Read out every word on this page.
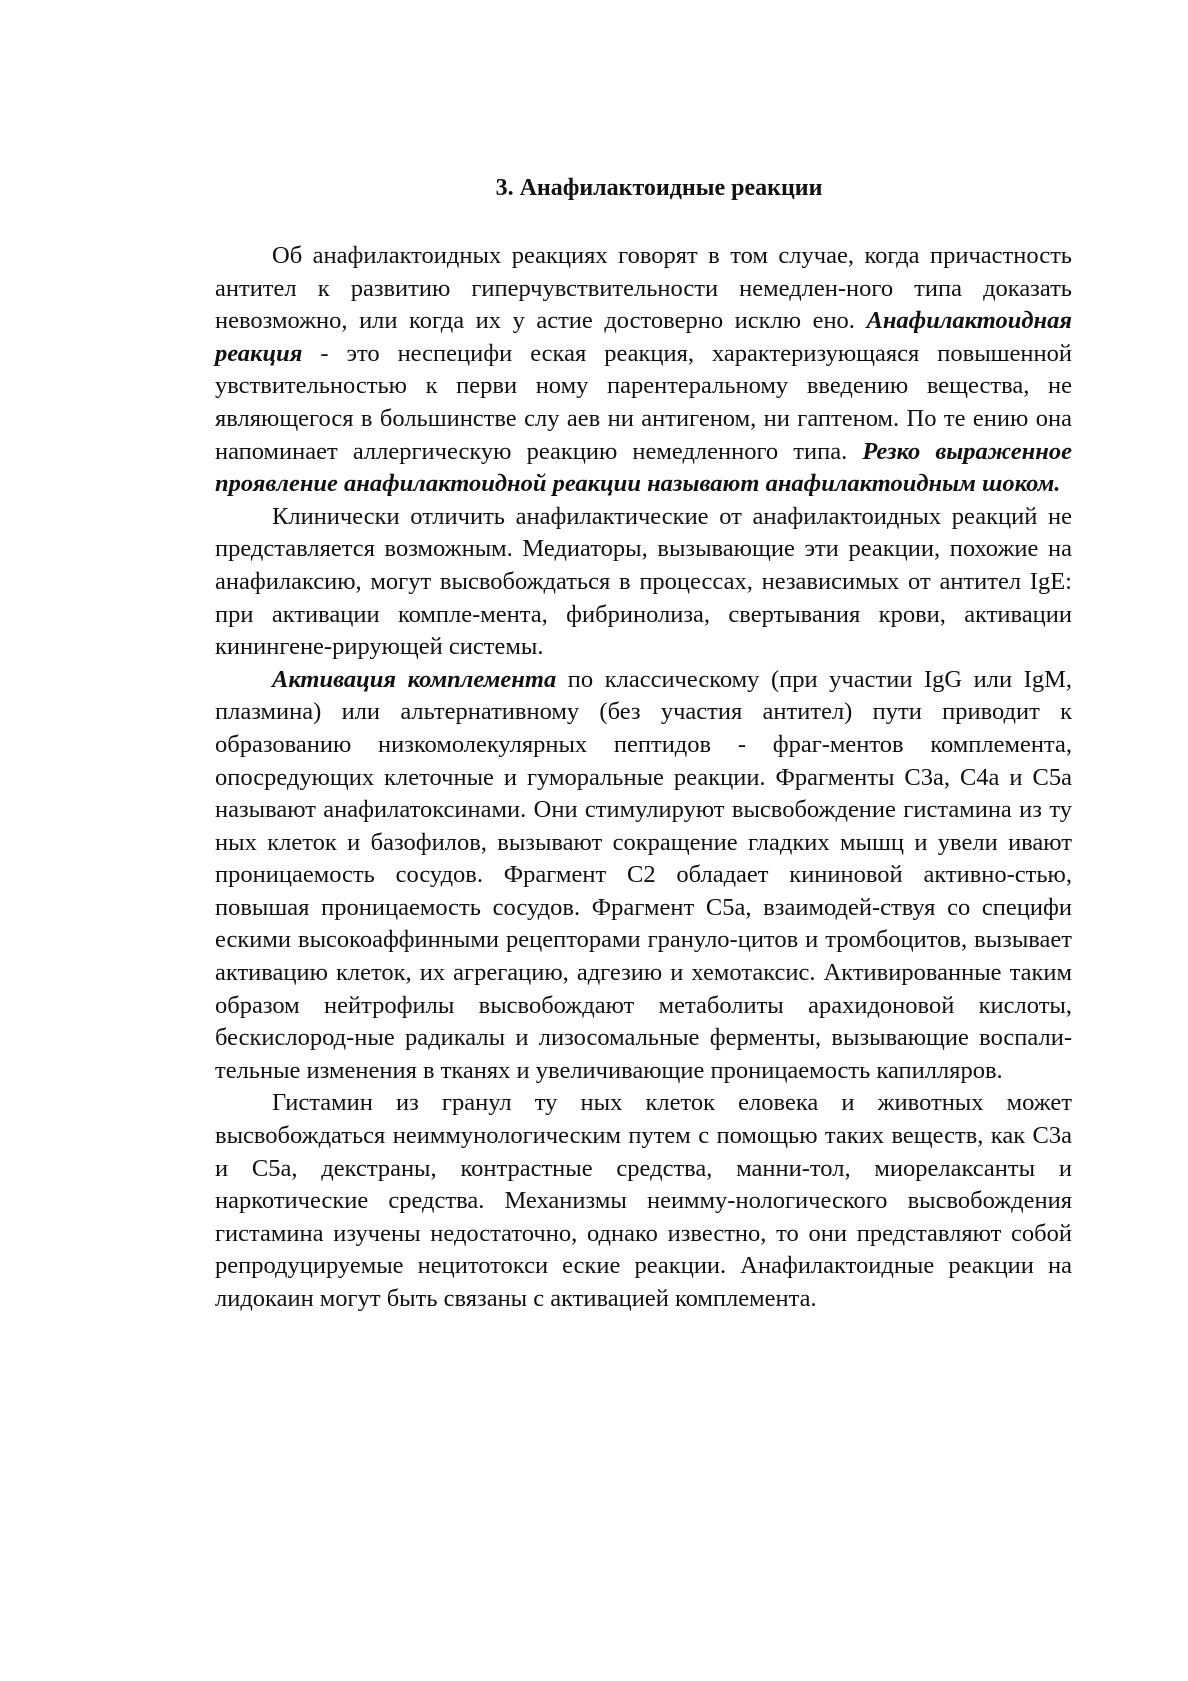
3. Анафилактоидные реакции

Об анафилактоидных реакциях говорят в том случае, когда причастность антител к развитию гиперчувствительности немедлен-ного типа доказать невозможно, или когда их у астие достоверно исклю ено. Анафилактоидная реакция - это неспецифи еская реакция, характеризующаяся повышенной увствительностью к перви ному парентеральному введению вещества, не являющегося в большинстве слу аев ни антигеном, ни гаптеном. По те ению она напоминает аллергическую реакцию немедленного типа. Резко выраженное проявление анафилактоидной реакции называют анафилактоидным шоком.

Клинически отличить анафилактические от анафилактоидных реакций не представляется возможным. Медиаторы, вызывающие эти реакции, похожие на анафилаксию, могут высвобождаться в процессах, независимых от антител IgE: при активации компле-мента, фибринолиза, свертывания крови, активации кинингене-рирующей системы.

Активация комплемента по классическому (при участии IgG или IgM, плазмина) или альтернативному (без участия антител) пути приводит к образованию низкомолекулярных пептидов - фраг-ментов комплемента, опосредующих клеточные и гуморальные реакции. Фрагменты C3a, C4a и C5a называют анафилатоксинами. Они стимулируют высвобождение гистамина из ту ных клеток и базофилов, вызывают сокращение гладких мышц и увели ивают проницаемость сосудов. Фрагмент C2 обладает кининовой активно-стью, повышая проницаемость сосудов. Фрагмент C5a, взаимодей-ствуя со специфи ескими высокоаффинными рецепторами грануло-цитов и тромбоцитов, вызывает активацию клеток, их агрегацию, адгезию и хемотаксис. Активированные таким образом нейтрофилы высвобождают метаболиты арахидоновой кислоты, бескислород-ные радикалы и лизосомальные ферменты, вызывающие воспали-тельные изменения в тканях и увеличивающие проницаемость капилляров.

Гистамин из гранул ту ных клеток еловека и животных может высвобождаться неиммунологическим путем с помощью таких веществ, как C3a и C5a, декстраны, контрастные средства, манни-тол, миорелаксанты и наркотические средства. Механизмы неимму-нологического высвобождения гистамина изучены недостаточно, однако известно, то они представляют собой репродуцируемые нецитотокси еские реакции. Анафилактоидные реакции на лидокаин могут быть связаны с активацией комплемента.
